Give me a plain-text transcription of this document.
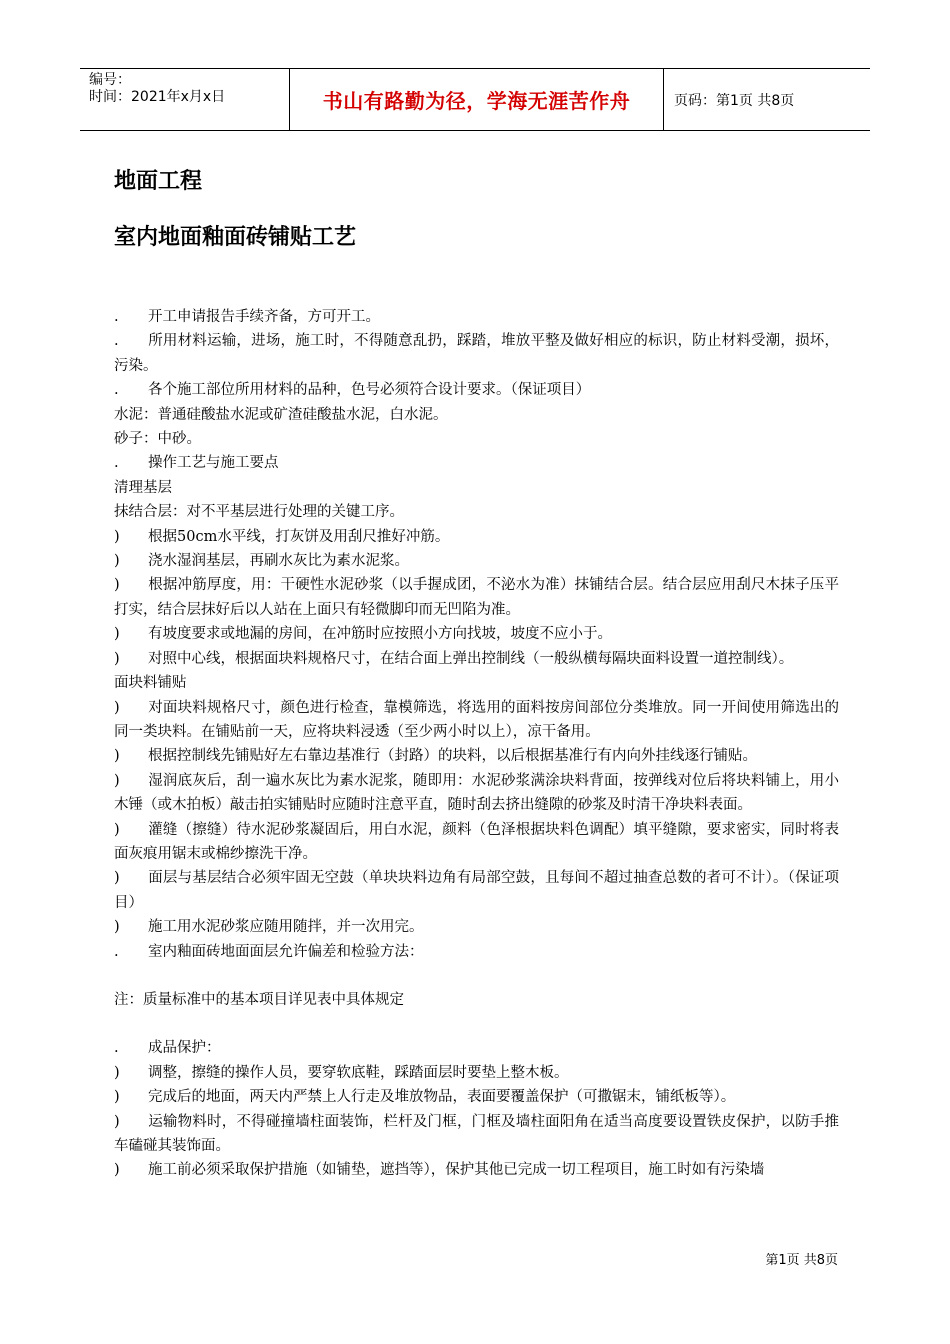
编号：
时间：2021年x月x日	书山有路勤为径，学海无涯苦作舟	页码：第1页 共8页
地面工程
室内地面釉面砖铺贴工艺
. 开工申请报告手续齐备，方可开工。
. 所用材料运输，进场，施工时，不得随意乱扔，踩踏，堆放平整及做好相应的标识，防止材料受潮，损坏，污染。
. 各个施工部位所用材料的品种，色号必须符合设计要求。（保证项目）
水泥：普通硅酸盐水泥或矿渣硅酸盐水泥，白水泥。
砂子：中砂。
. 操作工艺与施工要点
清理基层
抹结合层：对不平基层进行处理的关键工序。
) 根据50cm水平线，打灰饼及用刮尺推好冲筋。
) 浇水湿润基层，再刷水灰比为素水泥浆。
) 根据冲筋厚度，用：干硬性水泥砂浆（以手握成团，不泌水为准）抹铺结合层。结合层应用刮尺木抹子压平打实，结合层抹好后以人站在上面只有轻微脚印而无凹陷为准。
) 有坡度要求或地漏的房间，在冲筋时应按照小方向找坡，坡度不应小于。
) 对照中心线，根据面块料规格尺寸，在结合面上弹出控制线（一般纵横每隔块面料设置一道控制线）。
面块料铺贴
) 对面块料规格尺寸，颜色进行检查，靠模筛选，将选用的面料按房间部位分类堆放。同一开间使用筛选出的同一类块料。在铺贴前一天，应将块料浸透（至少两小时以上），凉干备用。
) 根据控制线先铺贴好左右靠边基准行（封路）的块料，以后根据基准行有内向外挂线逐行铺贴。
) 湿润底灰后，刮一遍水灰比为素水泥浆，随即用：水泥砂浆满涂块料背面，按弹线对位后将块料铺上，用小木锤（或木拍板）敲击拍实铺贴时应随时注意平直，随时刮去挤出缝隙的砂浆及时清干净块料表面。
) 灌缝（擦缝）待水泥砂浆凝固后，用白水泥，颜料（色泽根据块料色调配）填平缝隙，要求密实，同时将表面灰痕用锯末或棉纱擦洗干净。
) 面层与基层结合必须牢固无空鼓（单块块料边角有局部空鼓，且每间不超过抽查总数的者可不计）。（保证项目）
) 施工用水泥砂浆应随用随拌，并一次用完。
. 室内釉面砖地面面层允许偏差和检验方法：
注：质量标准中的基本项目详见表中具体规定
. 成品保护：
) 调整，擦缝的操作人员，要穿软底鞋，踩踏面层时要垫上整木板。
) 完成后的地面，两天内严禁上人行走及堆放物品，表面要覆盖保护（可撒锯末，铺纸板等）。
) 运输物料时，不得碰撞墙柱面装饰，栏杆及门框，门框及墙柱面阳角在适当高度要设置铁皮保护，以防手推车磕碰其装饰面。
) 施工前必须采取保护措施（如铺垫，遮挡等），保护其他已完成一切工程项目，施工时如有污染墙
第1页 共8页
